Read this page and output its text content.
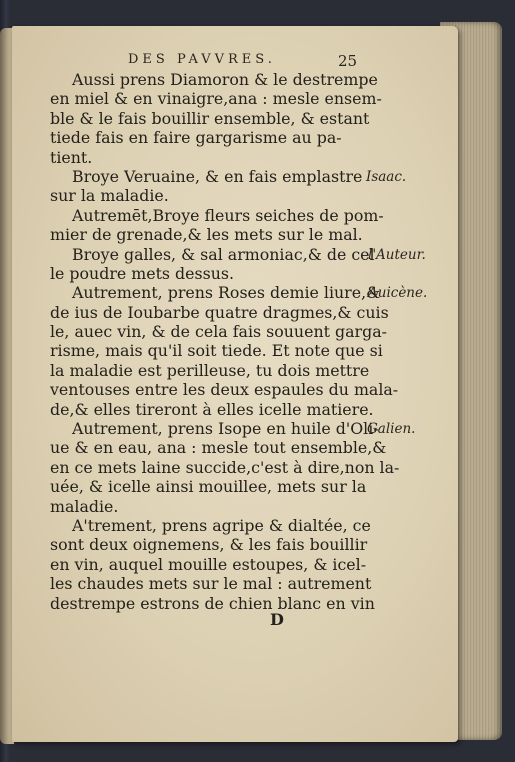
DES PAVVRES.	25
Aussi prens Diamoron & le destrempe
en miel & en vinaigre,ana : mesle ensem-
ble & le fais bouillir ensemble, & estant
tiede fais en faire gargarisme au pa-
tient.
Broye Veruaine, & en fais emplastre
sur la maladie.
Autremēt,Broye fleurs seiches de pom-
mier de grenade,& les mets sur le mal.
Broye galles, & sal armoniac,& de cel
le poudre mets dessus.
Autrement, prens Roses demie liure,&
de ius de Ioubarbe quatre dragmes,& cuis
le, auec vin, & de cela fais souuent garga-
risme, mais qu'il soit tiede. Et note que si
la maladie est perilleuse, tu dois mettre
ventouses entre les deux espaules du mala-
de,& elles tireront à elles icelle matiere.
Autrement, prens Isope en huile d'Oli-
ue & en eau, ana : mesle tout ensemble,&
en ce mets laine succide,c'est à dire,non la-
uée, & icelle ainsi mouillee, mets sur la
maladie.
A'trement, prens agripe & dialtée, ce
sont deux oignemens, & les fais bouillir
en vin, auquel mouille estoupes, & icel-
les chaudes mets sur le mal : autrement
destrempe estrons de chien blanc en vin
Isaac.
l'Auteur.
Auicène.
Galien.
D
